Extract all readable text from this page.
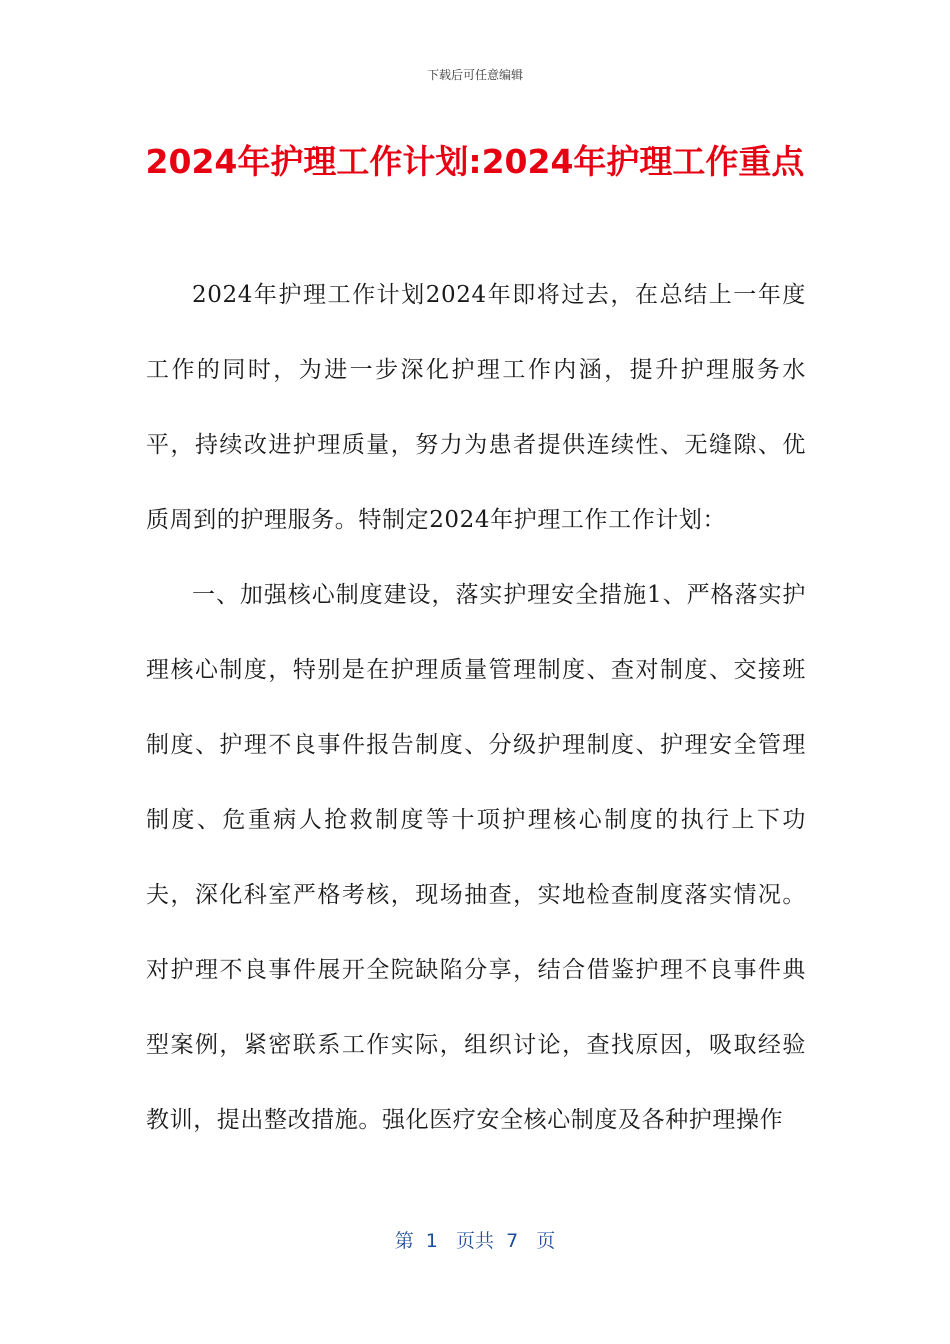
下载后可任意编辑
2024年护理工作计划:2024年护理工作重点

2024年护理工作计划2024年即将过去，在总结上一年度工作的同时，为进一步深化护理工作内涵，提升护理服务水平，持续改进护理质量，努力为患者提供连续性、无缝隙、优质周到的护理服务。特制定2024年护理工作工作计划：

一、加强核心制度建设，落实护理安全措施1、严格落实护理核心制度，特别是在护理质量管理制度、查对制度、交接班制度、护理不良事件报告制度、分级护理制度、护理安全管理制度、危重病人抢救制度等十项护理核心制度的执行上下功夫，深化科室严格考核，现场抽查，实地检查制度落实情况。对护理不良事件展开全院缺陷分享，结合借鉴护理不良事件典型案例，紧密联系工作实际，组织讨论，查找原因，吸取经验教训，提出整改措施。强化医疗安全核心制度及各种护理操作

第  1   页共  7   页
